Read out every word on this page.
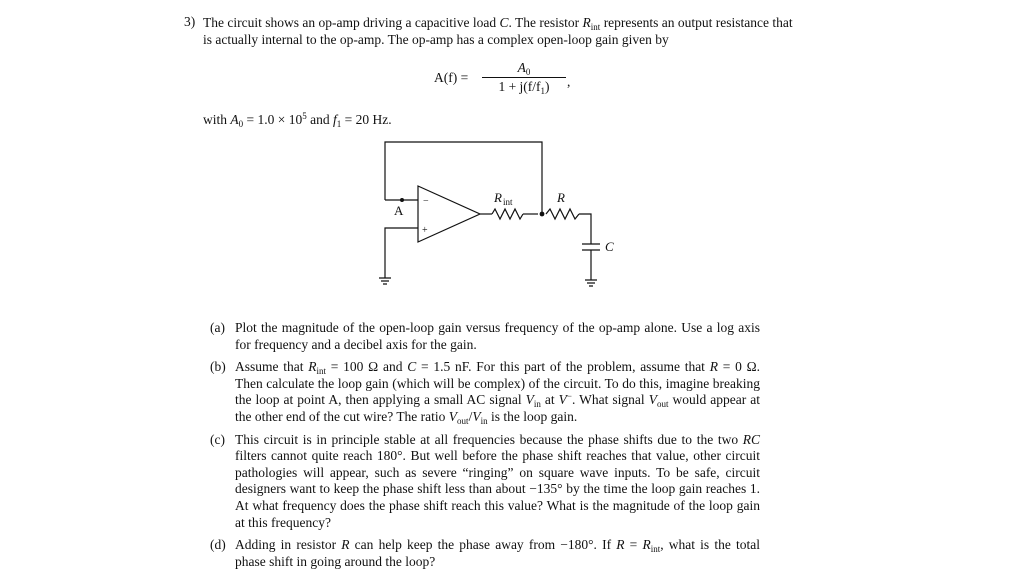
3) The circuit shows an op-amp driving a capacitive load C. The resistor $R_{int}$ represents an output resistance that is actually internal to the op-amp. The op-amp has a complex open-loop gain given by
A(f) =
$A_0$
$1 + j(f/f_1)$	,
with $A_0 = 1.0 \times 10^5$ and $f_1 = 20$ Hz.
A
−
+
R int	R
C
(a) Plot the magnitude of the open-loop gain versus frequency of the op-amp alone. Use a log axis for frequency and a decibel axis for the gain.
(b) Assume that $R_{int} = 100$ Ω and C = 1.5 nF. For this part of the problem, assume that R = 0 Ω. Then calculate the loop gain (which will be complex) of the circuit. To do this, imagine breaking the loop at point A, then applying a small AC signal $V_{in}$ at V−. What signal $V_{out}$ would appear at the other end of the cut wire? The ratio $V_{out}/V_{in}$ is the loop gain.
(c) This circuit is in principle stable at all frequencies because the phase shifts due to the two RC filters cannot quite reach 180°. But well before the phase shift reaches that value, other circuit pathologies will appear, such as severe “ringing” on square wave inputs. To be safe, circuit designers want to keep the phase shift less than about −135° by the time the loop gain reaches 1. At what frequency does the phase shift reach this value? What is the magnitude of the loop gain at this frequency?
(d) Adding in resistor R can help keep the phase away from −180°. If $R = R_{int}$, what is the total phase shift in going around the loop?
